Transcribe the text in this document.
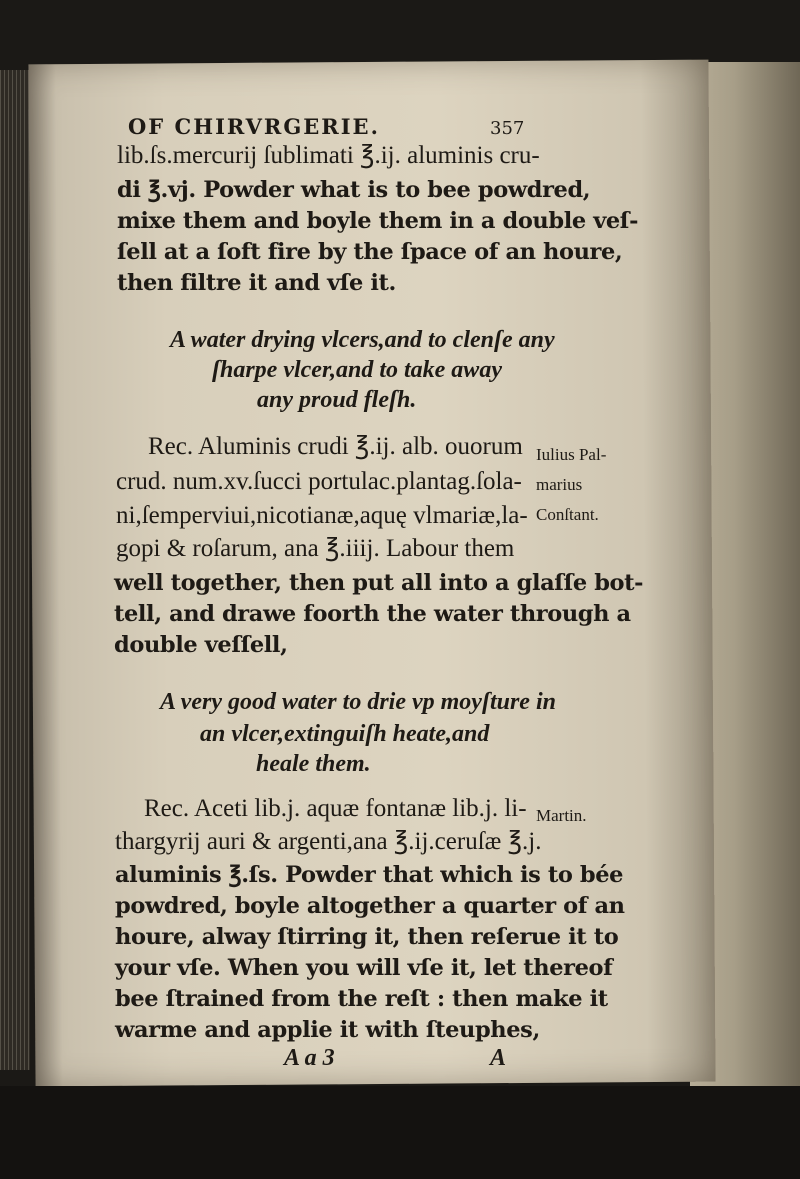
OF CHIRVRGERIE.	357
lib.ſs.mercurij ſublimati ℥.ij. aluminis cru-
di ℥.vj. Powder what is to bee powdred,
mixe them and boyle them in a double veſ-
ſell at a ſoft fire by the ſpace of an houre,
then filtre it and vſe it.
A water drying vlcers,and to clenſe any
ſharpe vlcer,and to take away
any proud fleſh.
Rec. Aluminis crudi ℥.ij. alb. ouorum
crud. num.xv.ſucci portulac.plantag.ſola-
ni,ſemperviui,nicotianæ,aquę vlmariæ,la-
gopi & roſarum, ana ℥.iiij. Labour them
well together, then put all into a glaſſe bot-
tell, and drawe foorth the water through a
double veſſell,
A very good water to drie vp moyſture in
an vlcer,extinguiſh heate,and
heale them.
Rec. Aceti lib.j. aquæ fontanæ lib.j. li-
thargyrij auri & argenti,ana ℥.ij.ceruſæ ℥.j.
aluminis ℥.ſs. Powder that which is to bée
powdred, boyle altogether a quarter of an
houre, alway ſtirring it, then reſerue it to
your vſe. When you will vſe it, let thereof
bee ſtrained from the reſt : then make it
warme and applie it with ſteuphes,
Iulius Pal-
marius
Conſtant.
Martin.
A a 3	A
